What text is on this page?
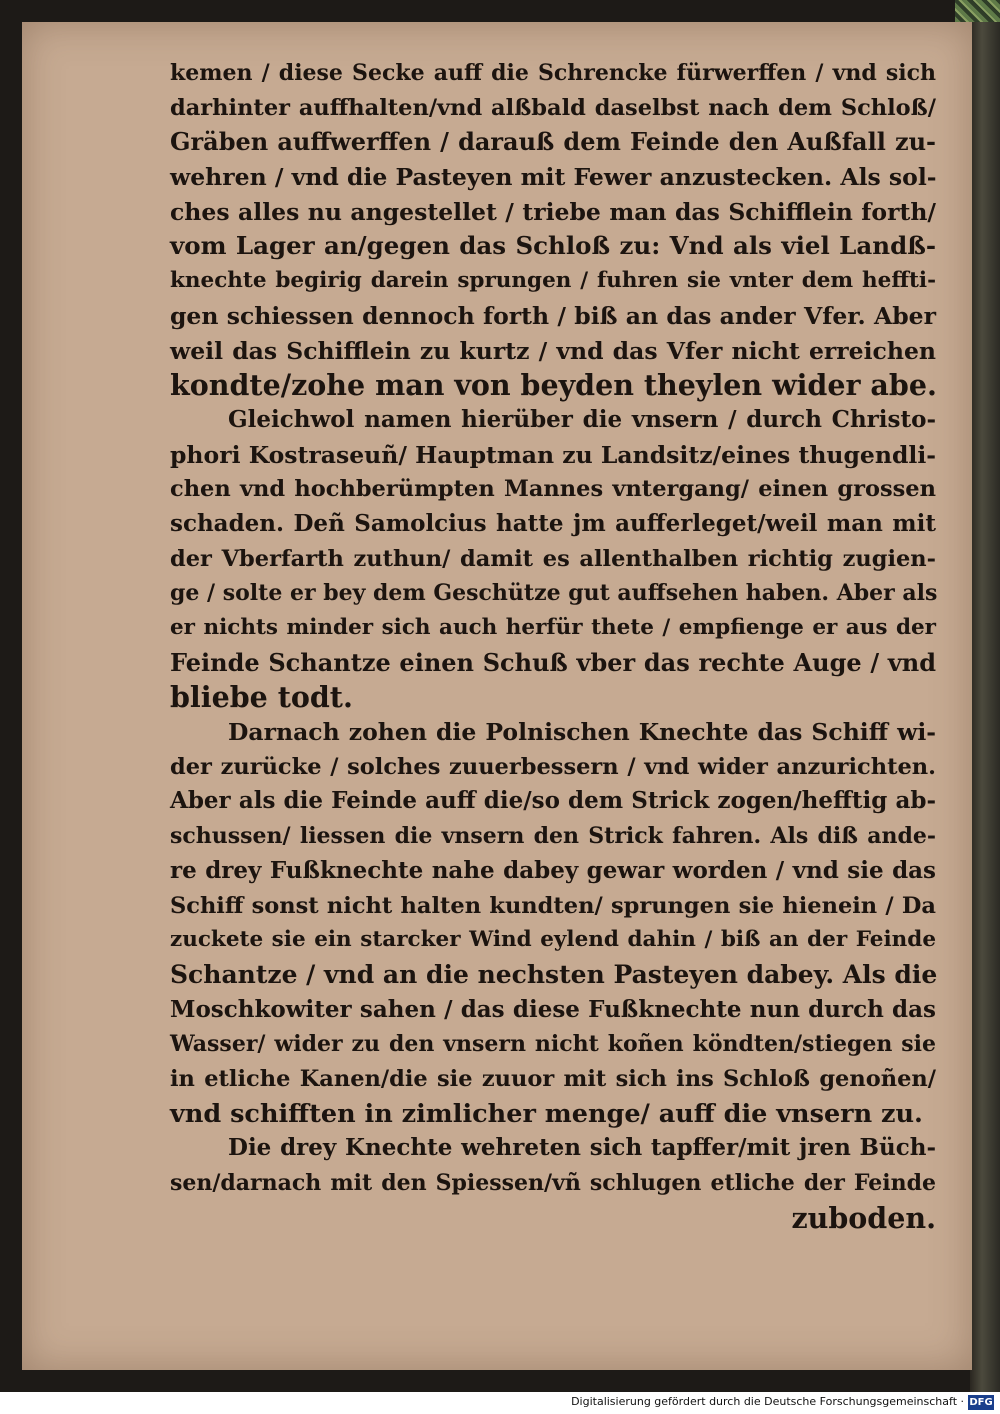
kemen / diese Secke auff die Schrencke fürwerffen / vnd sich
darhinter auffhalten/vnd alßbald daselbst nach dem Schloß/
Gräben auffwerffen / darauß dem Feinde den Außfall zu-
wehren / vnd die Pasteyen mit Fewer anzustecken. Als sol-
ches alles nu angestellet / triebe man das Schifflein forth/
vom Lager an/gegen das Schloß zu: Vnd als viel Landß-
knechte begirig darein sprungen / fuhren sie vnter dem heffti-
gen schiessen dennoch forth / biß an das ander Vfer. Aber
weil das Schifflein zu kurtz / vnd das Vfer nicht erreichen
kondte/zohe man von beyden theylen wider abe.
Gleichwol namen hierüber die vnsern / durch Christo-
phori Kostraseuñ/ Hauptman zu Landsitz/eines thugendli-
chen vnd hochberümpten Mannes vntergang/ einen grossen
schaden. Deñ Samolcius hatte jm aufferleget/weil man mit
der Vberfarth zuthun/ damit es allenthalben richtig zugien-
ge / solte er bey dem Geschütze gut auffsehen haben. Aber als
er nichts minder sich auch herfür thete / empfienge er aus der
Feinde Schantze einen Schuß vber das rechte Auge / vnd
bliebe todt.
Darnach zohen die Polnischen Knechte das Schiff wi-
der zurücke / solches zuuerbessern / vnd wider anzurichten.
Aber als die Feinde auff die/so dem Strick zogen/hefftig ab-
schussen/ liessen die vnsern den Strick fahren. Als diß ande-
re drey Fußknechte nahe dabey gewar worden / vnd sie das
Schiff sonst nicht halten kundten/ sprungen sie hienein / Da
zuckete sie ein starcker Wind eylend dahin / biß an der Feinde
Schantze / vnd an die nechsten Pasteyen dabey. Als die
Moschkowiter sahen / das diese Fußknechte nun durch das
Wasser/ wider zu den vnsern nicht koñen köndten/stiegen sie
in etliche Kanen/die sie zuuor mit sich ins Schloß genoñen/
vnd schifften in zimlicher menge/ auff die vnsern zu.
Die drey Knechte wehreten sich tapffer/mit jren Büch-
sen/darnach mit den Spiessen/vñ schlugen etliche der Feinde
zuboden.
Digitalisierung gefördert durch die Deutsche Forschungsgemeinschaft · DFG
